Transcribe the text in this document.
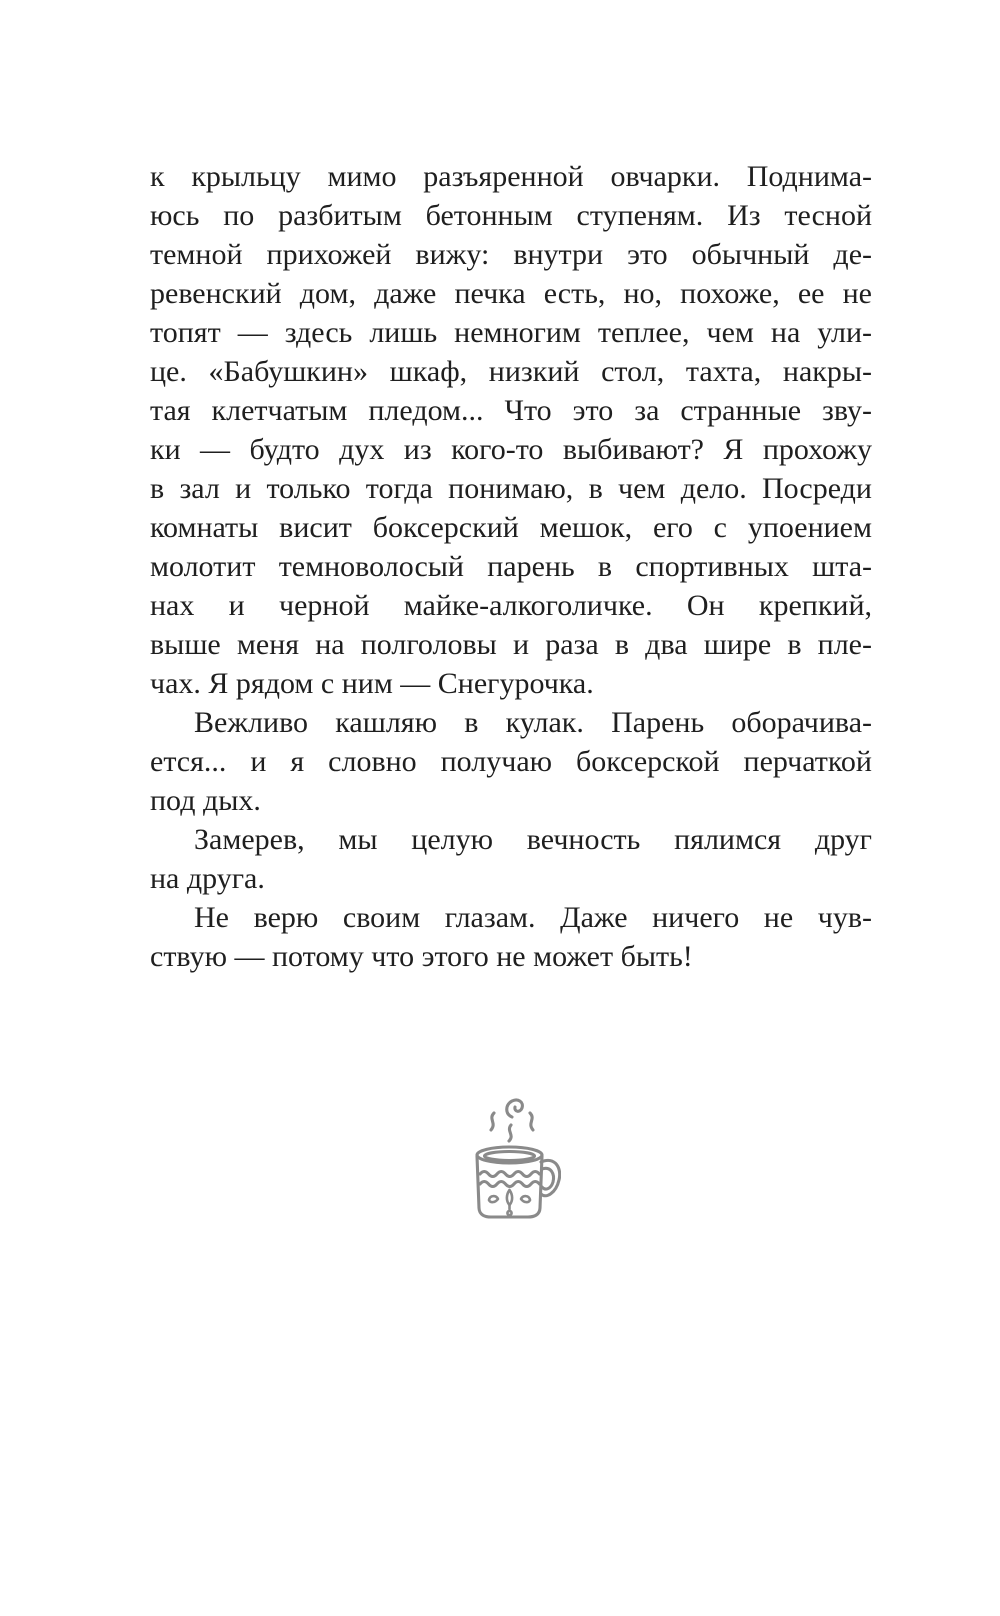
к крыльцу мимо разъяренной овчарки. Поднима-
юсь по разбитым бетонным ступеням. Из тесной
темной прихожей вижу: внутри это обычный де-
ревенский дом, даже печка есть, но, похоже, ее не
топят — здесь лишь немногим теплее, чем на ули-
це. «Бабушкин» шкаф, низкий стол, тахта, накры-
тая клетчатым пледом... Что это за странные зву-
ки — будто дух из кого-то выбивают? Я прохожу
в зал и только тогда понимаю, в чем дело. Посреди
комнаты висит боксерский мешок, его с упоением
молотит темноволосый парень в спортивных шта-
нах и черной майке-алкоголичке. Он крепкий,
выше меня на полголовы и раза в два шире в пле-
чах. Я рядом с ним — Снегурочка.
Вежливо кашляю в кулак. Парень оборачива-
ется... и я словно получаю боксерской перчаткой
под дых.
Замерев, мы целую вечность пялимся друг
на друга.
Не верю своим глазам. Даже ничего не чув-
ствую — потому что этого не может быть!
